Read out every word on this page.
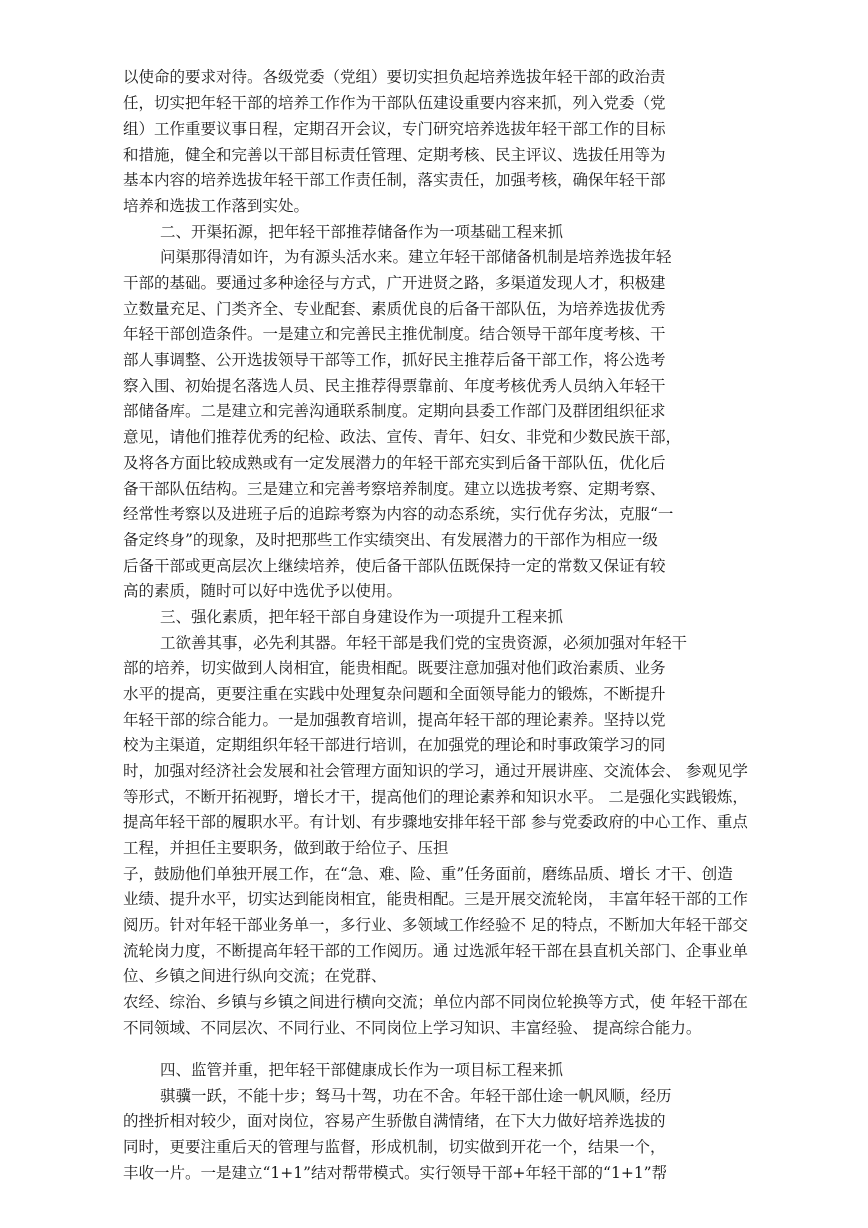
以使命的要求对待。各级党委（党组）要切实担负起培养选拔年轻干部的政治责
任，切实把年轻干部的培养工作作为干部队伍建设重要内容来抓，列入党委（党
组）工作重要议事日程，定期召开会议，专门研究培养选拔年轻干部工作的目标
和措施，健全和完善以干部目标责任管理、定期考核、民主评议、选拔任用等为
基本内容的培养选拔年轻干部工作责任制，落实责任，加强考核，确保年轻干部
培养和选拔工作落到实处。
二、开渠拓源，把年轻干部推荐储备作为一项基础工程来抓
问渠那得清如许，为有源头活水来。建立年轻干部储备机制是培养选拔年轻
干部的基础。要通过多种途径与方式，广开进贤之路，多渠道发现人才，积极建
立数量充足、门类齐全、专业配套、素质优良的后备干部队伍，为培养选拔优秀
年轻干部创造条件。一是建立和完善民主推优制度。结合领导干部年度考核、干
部人事调整、公开选拔领导干部等工作，抓好民主推荐后备干部工作，将公选考
察入围、初始提名落选人员、民主推荐得票靠前、年度考核优秀人员纳入年轻干
部储备库。二是建立和完善沟通联系制度。定期向县委工作部门及群团组织征求
意见，请他们推荐优秀的纪检、政法、宣传、青年、妇女、非党和少数民族干部，
及将各方面比较成熟或有一定发展潜力的年轻干部充实到后备干部队伍，优化后
备干部队伍结构。三是建立和完善考察培养制度。建立以选拔考察、定期考察、
经常性考察以及进班子后的追踪考察为内容的动态系统，实行优存劣汰，克服“一
备定终身”的现象，及时把那些工作实绩突出、有发展潜力的干部作为相应一级
后备干部或更高层次上继续培养，使后备干部队伍既保持一定的常数又保证有较
高的素质，随时可以好中选优予以使用。
三、强化素质，把年轻干部自身建设作为一项提升工程来抓
工欲善其事，必先利其器。年轻干部是我们党的宝贵资源，必须加强对年轻干
部的培养，切实做到人岗相宜，能贵相配。既要注意加强对他们政治素质、业务
水平的提高，更要注重在实践中处理复杂问题和全面领导能力的锻炼，不断提升
年轻干部的综合能力。一是加强教育培训，提高年轻干部的理论素养。坚持以党
校为主渠道，定期组织年轻干部进行培训，在加强党的理论和时事政策学习的同
时，加强对经济社会发展和社会管理方面知识的学习，通过开展讲座、交流体会、 参观见学
等形式，不断开拓视野，增长才干，提高他们的理论素养和知识水平。 二是强化实践锻炼，
提高年轻干部的履职水平。有计划、有步骤地安排年轻干部 参与党委政府的中心工作、重点
工程，并担任主要职务，做到敢于给位子、压担
子，鼓励他们单独开展工作，在“急、难、险、重”任务面前，磨练品质、增长 才干、创造
业绩、提升水平，切实达到能岗相宜，能贵相配。三是开展交流轮岗， 丰富年轻干部的工作
阅历。针对年轻干部业务单一，多行业、多领域工作经验不 足的特点，不断加大年轻干部交
流轮岗力度，不断提高年轻干部的工作阅历。通 过选派年轻干部在县直机关部门、企事业单
位、乡镇之间进行纵向交流；在党群、
农经、综治、乡镇与乡镇之间进行横向交流；单位内部不同岗位轮换等方式，使 年轻干部在
不同领域、不同层次、不同行业、不同岗位上学习知识、丰富经验、 提高综合能力。
四、监管并重，把年轻干部健康成长作为一项目标工程来抓
骐骥一跃，不能十步；驽马十驾，功在不舍。年轻干部仕途一帆风顺，经历
的挫折相对较少，面对岗位，容易产生骄傲自满情绪，在下大力做好培养选拔的
同时，更要注重后天的管理与监督，形成机制，切实做到开花一个，结果一个，
丰收一片。一是建立“1+1”结对帮带模式。实行领导干部+年轻干部的“1+1”帮
